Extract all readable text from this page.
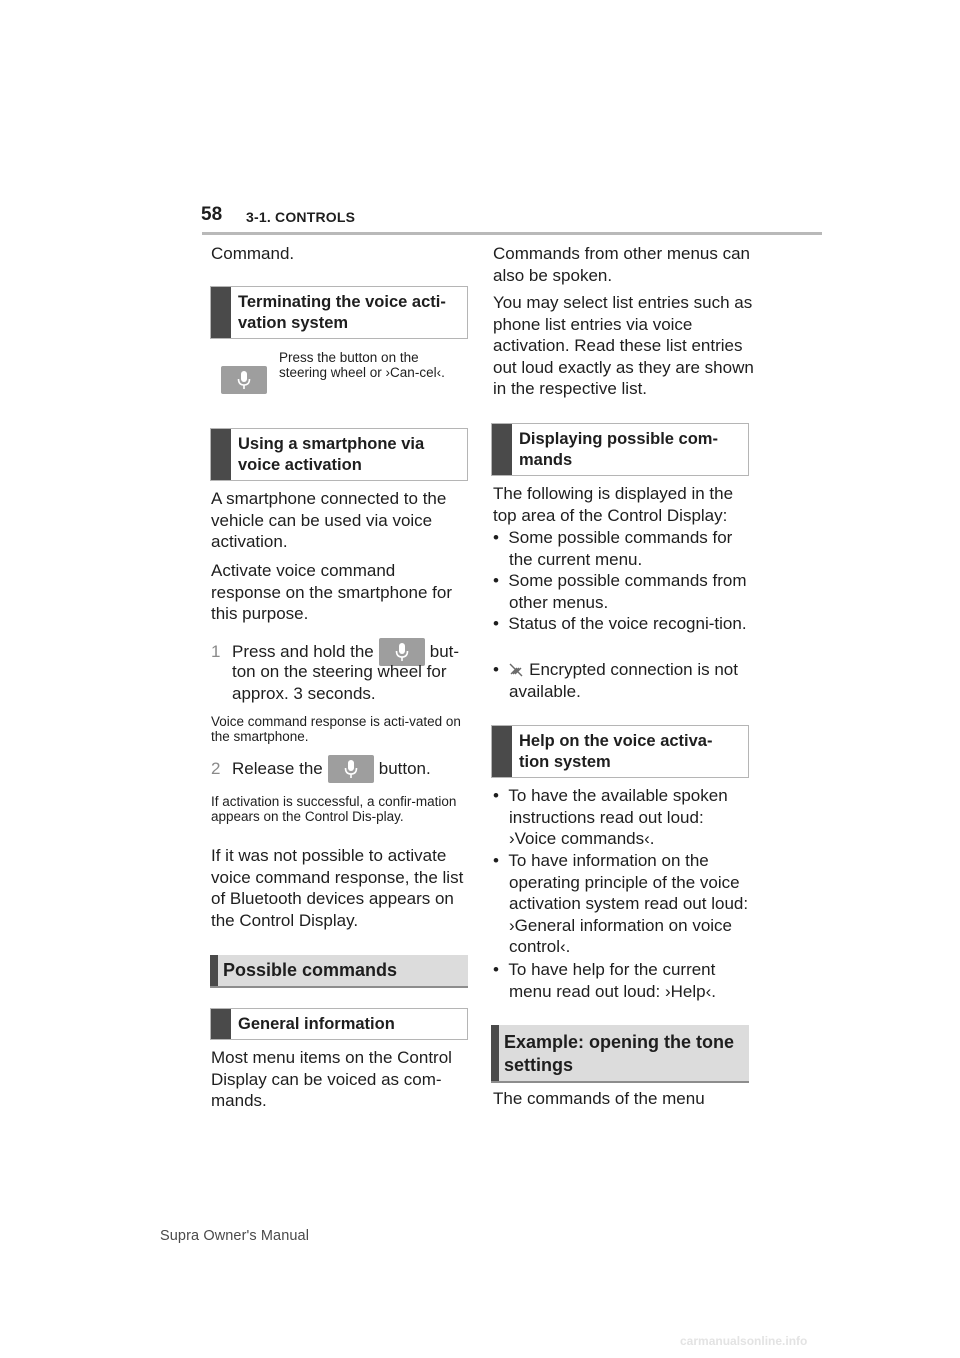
58 3-1. CONTROLS
Command.
Terminating the voice acti-vation system
Press the button on the steering wheel or ›Can-cel‹.
Using a smartphone via voice activation
A smartphone connected to the vehicle can be used via voice activation.
Activate voice command response on the smartphone for this purpose.
1 Press and hold the	but-
ton on the steering wheel for approx. 3 seconds.
Voice command response is acti-vated on the smartphone.
2 Release the	button.
If activation is successful, a confir-mation appears on the Control Dis-play.
If it was not possible to activate voice command response, the list of Bluetooth devices appears on the Control Display.
Possible commands
General information
Most menu items on the Control Display can be voiced as com-mands.
Commands from other menus can also be spoken.
You may select list entries such as phone list entries via voice activation. Read these list entries out loud exactly as they are shown in the respective list.
Displaying possible com-mands
The following is displayed in the top area of the Control Display:
•  Some possible commands for the current menu.
•  Some possible commands from other menus.
•  Status of the voice recogni-tion.
•   Encrypted connection is not available.
Help on the voice activa-tion system
•  To have the available spoken instructions read out loud: ›Voice commands‹.
•  To have information on the operating principle of the voice activation system read out loud: ›General information on voice control‹.
•  To have help for the current menu read out loud: ›Help‹.
Example: opening the tone settings
The commands of the menu
Supra Owner's Manual
carmanualsonline.info
